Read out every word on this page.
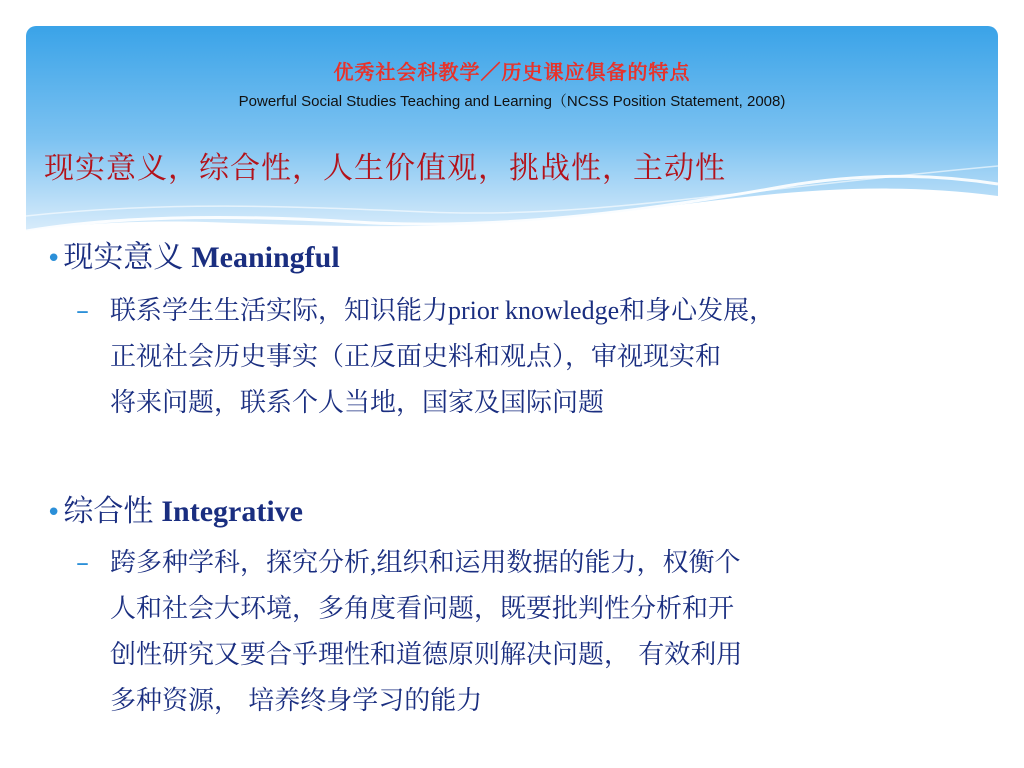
优秀社会科教学／历史课应俱备的特点
Powerful Social Studies Teaching and Learning（NCSS Position Statement, 2008)
现实意义，综合性，人生价值观，挑战性，主动性
•现实意义 Meaningful
– 联系学生生活实际，知识能力prior knowledge和身心发展，
正视社会历史事实（正反面史料和观点），审视现实和
将来问题，联系个人当地，国家及国际问题
•综合性 Integrative
– 跨多种学科，探究分析,组织和运用数据的能力，权衡个
人和社会大环境，多角度看问题，既要批判性分析和开
创性研究又要合乎理性和道德原则解决问题， 有效利用
多种资源， 培养终身学习的能力
